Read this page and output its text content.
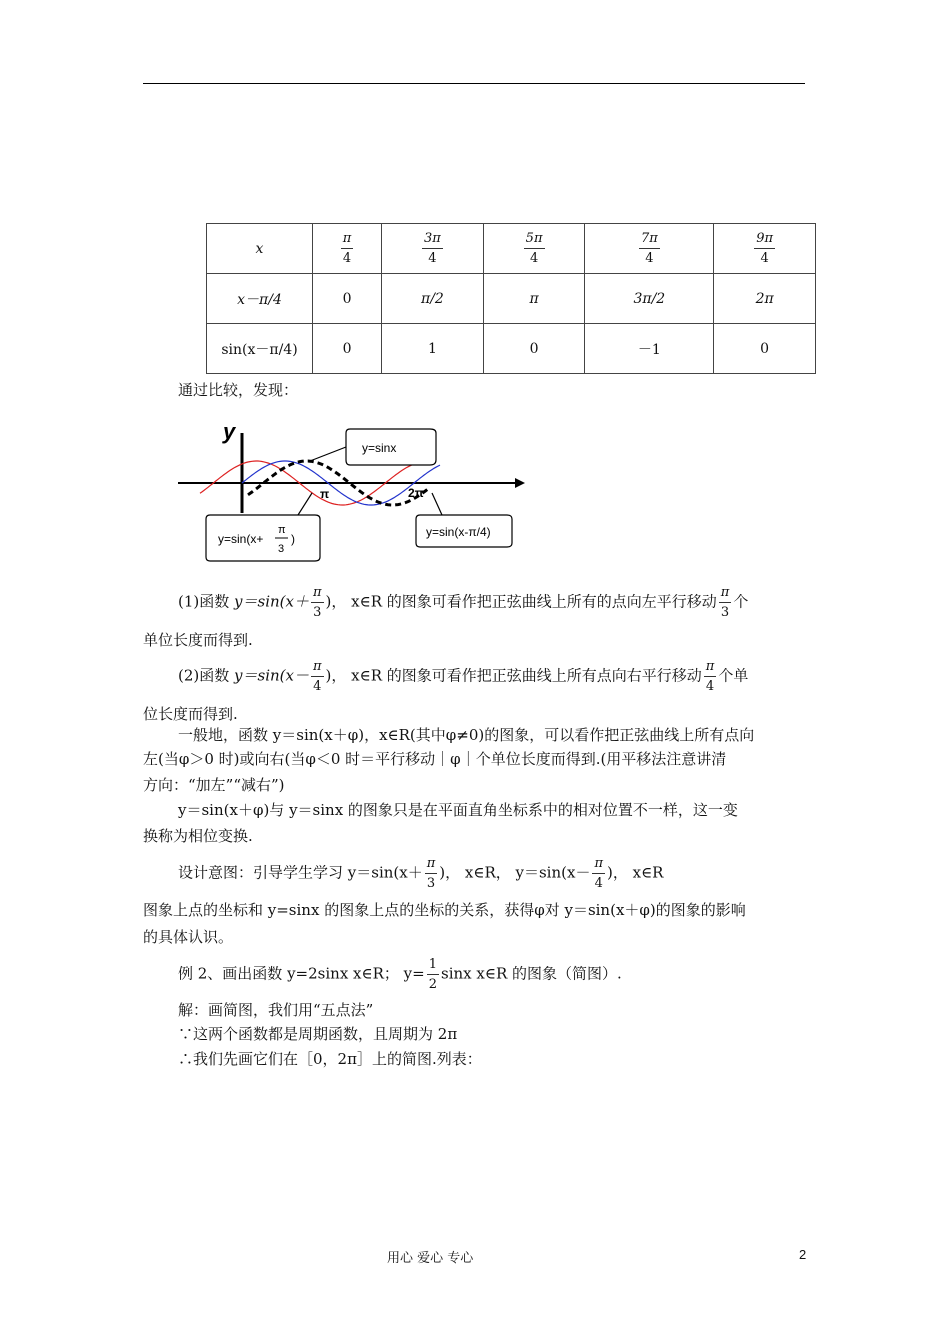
x	$\frac{\pi}{4}$	$\frac{3\pi}{4}$	$\frac{5\pi}{4}$	$\frac{7\pi}{4}$	$\frac{9\pi}{4}$

x－π/4	0	π/2	π	3π/2	2π
sin(x－π/4)	0	1	0	－1	0
通过比较，发现：
y
π	2π
y=sinx
y=sin(x+
π
3
)	y=sin(x-π/4)
(1)函数 $y=\sin(x+ \frac{\pi}{3}$ )， x∈R 的图象可看作把正弦曲线上所有的点向左平行移动 $\frac{\pi}{3}$ 个
单位长度而得到.
(2)函数 $y=\sin(x- \frac{\pi}{4}$ )， x∈R 的图象可看作把正弦曲线上所有点向右平行移动 $\frac{\pi}{4}$ 个单
位长度而得到.
一般地，函数 y＝sin(x＋φ)，x∈R(其中φ≠0)的图象，可以看作把正弦曲线上所有点向
左(当φ＞0 时)或向右(当φ＜0 时＝平行移动｜φ｜个单位长度而得到.(用平移法注意讲清
方向：“加左”“减右”)
y＝sin(x＋φ)与 y＝sinx 的图象只是在平面直角坐标系中的相对位置不一样，这一变
换称为相位变换.
设计意图：引导学生学习 $y=\sin(x+ \frac{\pi}{3}$ )， x∈R， $y=\sin(x- \frac{\pi}{4}$ )， x∈R
图象上点的坐标和 y=sinx 的图象上点的坐标的关系，获得φ对 y＝sin(x＋φ)的图象的影响
的具体认识。
例 2、画出函数 y=2sinx x∈R； $y= \frac{1}{2}$ sinx x∈R 的图象（简图）.
解：画简图，我们用“五点法”
∵这两个函数都是周期函数，且周期为 2π
∴我们先画它们在［0，2π］上的简图.列表：
用心 爱心 专心	2
